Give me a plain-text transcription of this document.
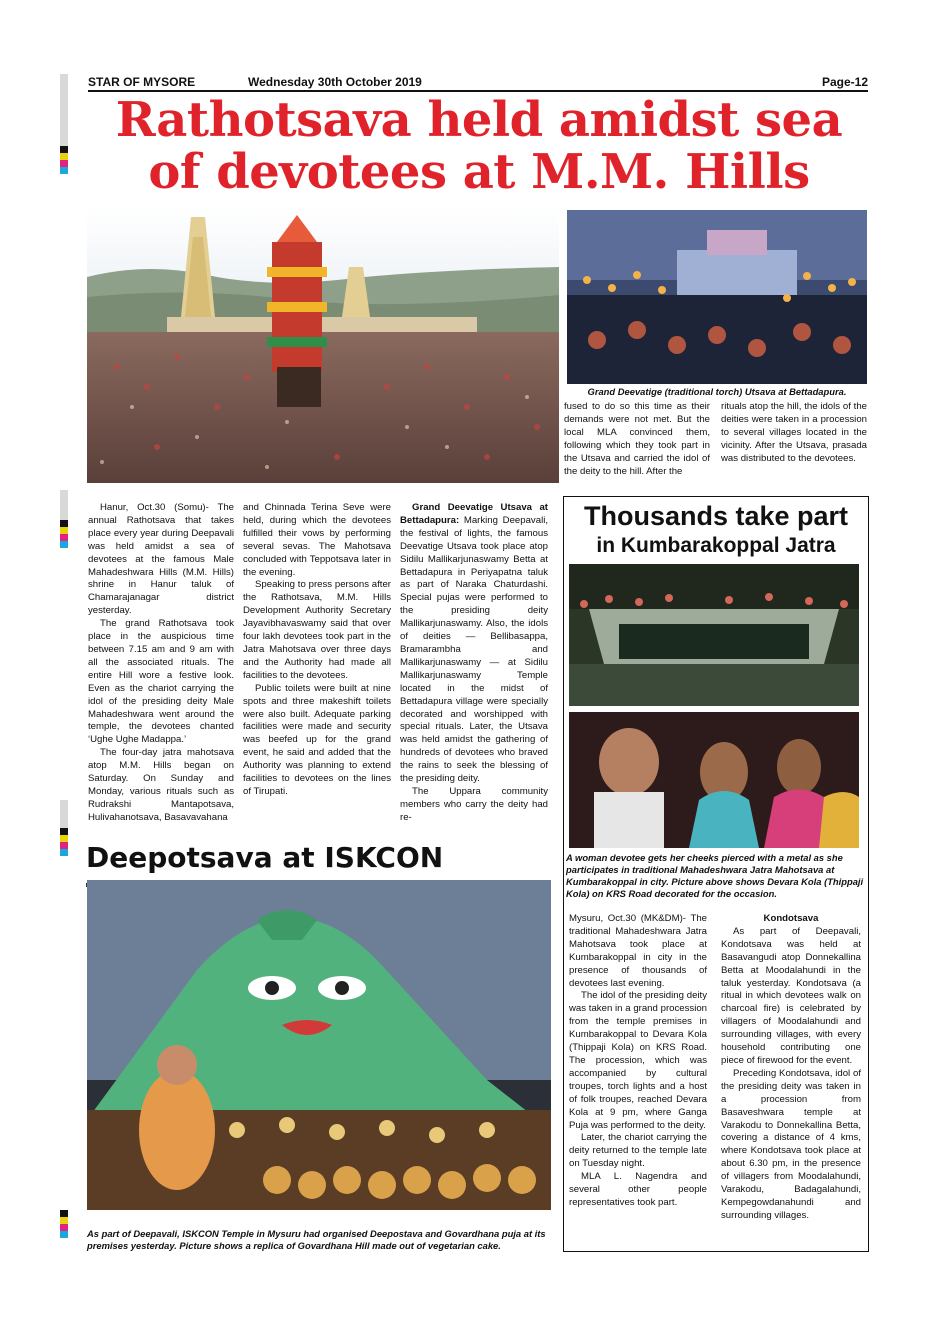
STAR OF MYSORE	Wednesday 30th October 2019	Page-12
Rathotsava held amidst sea
of devotees at M.M. Hills
Grand Deevatige (traditional torch) Utsava at Bettadapura.

Hanur, Oct.30 (Somu)- The annual Rathotsava that takes place every year during Deepavali was held amidst a sea of devotees at the famous Male Mahadeshwara Hills (M.M. Hills) shrine in Hanur taluk of Chamarajanagar district yesterday.

The grand Rathotsava took place in the auspicious time between 7.15 am and 9 am with all the associated rituals. The entire Hill wore a festive look. Even as the chariot carrying the idol of the presiding deity Male Mahadeshwara went around the temple, the devotees chanted ‘Ughe Ughe Madappa.’

The four-day jatra mahotsava atop M.M. Hills began on Saturday. On Sunday and Monday, various rituals such as Rudrakshi Mantapotsava, Hulivahanotsava, Basavavahana

and Chinnada Terina Seve were held, during which the devotees fulfilled their vows by performing several sevas. The Mahotsava concluded with Teppotsava later in the evening.

Speaking to press persons after the Rathotsava, M.M. Hills Development Authority Secretary Jayavibhavaswamy said that over four lakh devotees took part in the Jatra Mahotsava over three days and the Authority had made all facilities to the devotees.

Public toilets were built at nine spots and three makeshift toilets were also built. Adequate parking facilities were made and security was beefed up for the grand event, he said and added that the Authority was planning to extend facilities to devotees on the lines of Tirupati.

Grand Deevatige Utsava at Bettadapura: Marking Deepavali, the festival of lights, the famous Deevatige Utsava took place atop Sidilu Mallikarjunaswamy Betta at Bettadapura in Periyapatna taluk as part of Naraka Chaturdashi. Special pujas were performed to the presiding deity Mallikarjunaswamy. Also, the idols of deities — Bellibasappa, Bramarambha and Mallikarjunaswamy — at Sidilu Mallikarjunaswamy Temple located in the midst of Bettadapura village were specially decorated and worshipped with special rituals. Later, the Utsava was held amidst the gathering of hundreds of devotees who braved the rains to seek the blessing of the presiding deity.

The Uppara community members who carry the deity had re-

fused to do so this time as their demands were not met. But the local MLA convinced them, following which they took part in the Utsava and carried the idol of the deity to the hill. After the

rituals atop the hill, the idols of the deities were taken in a procession to several villages located in the vicinity. After the Utsava, prasada was distributed to the devotees.

Deepotsava at ISKCON
As part of Deepavali, ISKCON Temple in Mysuru had organised Deepostava and Govardhana puja at its premises yesterday. Picture shows a replica of Govardhana Hill made out of vegetarian cake.
Thousands take part
in Kumbarakoppal Jatra
A woman devotee gets her cheeks pierced with a metal as she participates in traditional Mahadeshwara Jatra Mahotsava at Kumbarakoppal in city. Picture above shows Devara Kola (Thippaji Kola) on KRS Road decorated for the occasion.

Mysuru, Oct.30 (MK&DM)- The traditional Mahadeshwara Jatra Mahotsava took place at Kumbarakoppal in city in the presence of thousands of devotees last evening.

The idol of the presiding deity was taken in a grand procession from the temple premises in Kumbarakoppal to Devara Kola (Thippaji Kola) on KRS Road. The procession, which was accompanied by cultural troupes, torch lights and a host of folk troupes, reached Devara Kola at 9 pm, where Ganga Puja was performed to the deity.

Later, the chariot carrying the deity returned to the temple late on Tuesday night.

MLA L. Nagendra and several other people representatives took part.

Kondotsava

As part of Deepavali, Kondotsava was held at Basavangudi atop Donnekallina Betta at Moodalahundi in the taluk yesterday. Kondotsava (a ritual in which devotees walk on charcoal fire) is celebrated by villagers of Moodalahundi and surrounding villages, with every household contributing one piece of firewood for the event.

Preceding Kondotsava, idol of the presiding deity was taken in a procession from Basaveshwara temple at Varakodu to Donnekallina Betta, covering a distance of 4 kms, where Kondotsava took place at about 6.30 pm, in the presence of villagers from Moodalahundi, Varakodu, Badagalahundi, Kempegowdanahundi and surrounding villages.
